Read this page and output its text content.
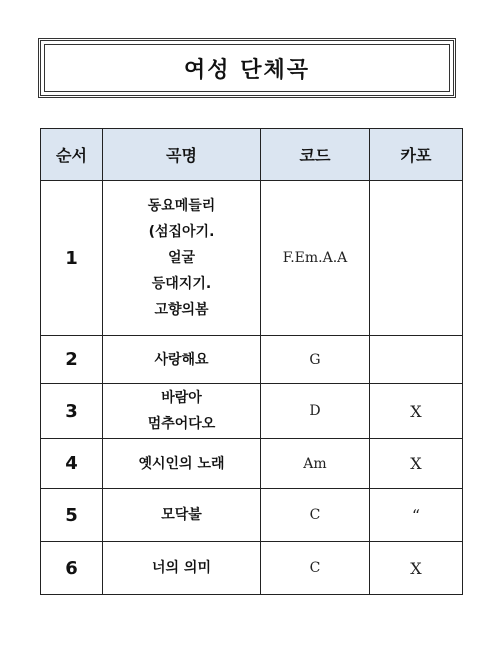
여성 단체곡
순서	곡명	코드	카포
1	동요메들리
(섬집아기.
얼굴
등대지기.
고향의봄	F.Em.A.A	
2	사랑해요	G	
3	바람아
멈추어다오	D	X
4	옛시인의 노래	Am	X
5	모닥불	C	“
6	너의 의미	C	X
